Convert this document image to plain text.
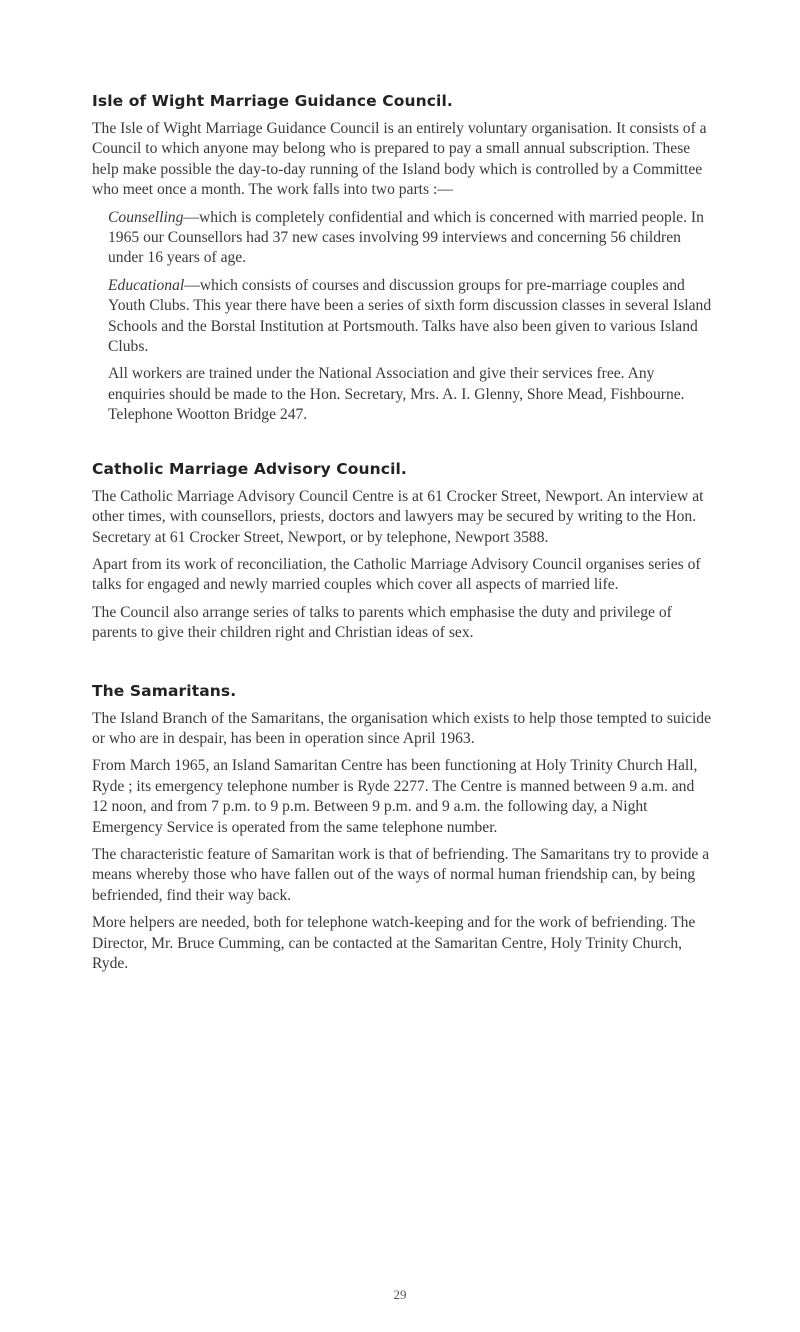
Isle of Wight Marriage Guidance Council.

The Isle of Wight Marriage Guidance Council is an entirely voluntary organisation. It consists of a Council to which anyone may belong who is prepared to pay a small annual subscription. These help make possible the day-to-day running of the Island body which is controlled by a Committee who meet once a month. The work falls into two parts :—

Counselling—which is completely confidential and which is concerned with married people. In 1965 our Counsellors had 37 new cases involving 99 interviews and concerning 56 children under 16 years of age.

Educational—which consists of courses and discussion groups for pre-marriage couples and Youth Clubs. This year there have been a series of sixth form discussion classes in several Island Schools and the Borstal Institution at Portsmouth. Talks have also been given to various Island Clubs.

All workers are trained under the National Association and give their services free. Any enquiries should be made to the Hon. Secretary, Mrs. A. I. Glenny, Shore Mead, Fishbourne. Telephone Wootton Bridge 247.

Catholic Marriage Advisory Council.

The Catholic Marriage Advisory Council Centre is at 61 Crocker Street, Newport. An interview at other times, with counsellors, priests, doctors and lawyers may be secured by writing to the Hon. Secretary at 61 Crocker Street, Newport, or by telephone, Newport 3588.

Apart from its work of reconciliation, the Catholic Marriage Advisory Council organises series of talks for engaged and newly married couples which cover all aspects of married life.

The Council also arrange series of talks to parents which emphasise the duty and privilege of parents to give their children right and Christian ideas of sex.

The Samaritans.

The Island Branch of the Samaritans, the organisation which exists to help those tempted to suicide or who are in despair, has been in operation since April 1963.

From March 1965, an Island Samaritan Centre has been functioning at Holy Trinity Church Hall, Ryde ; its emergency telephone number is Ryde 2277. The Centre is manned between 9 a.m. and 12 noon, and from 7 p.m. to 9 p.m. Between 9 p.m. and 9 a.m. the following day, a Night Emergency Service is operated from the same telephone number.

The characteristic feature of Samaritan work is that of befriending. The Samaritans try to provide a means whereby those who have fallen out of the ways of normal human friendship can, by being befriended, find their way back.

More helpers are needed, both for telephone watch-keeping and for the work of befriending. The Director, Mr. Bruce Cumming, can be contacted at the Samaritan Centre, Holy Trinity Church, Ryde.

29
